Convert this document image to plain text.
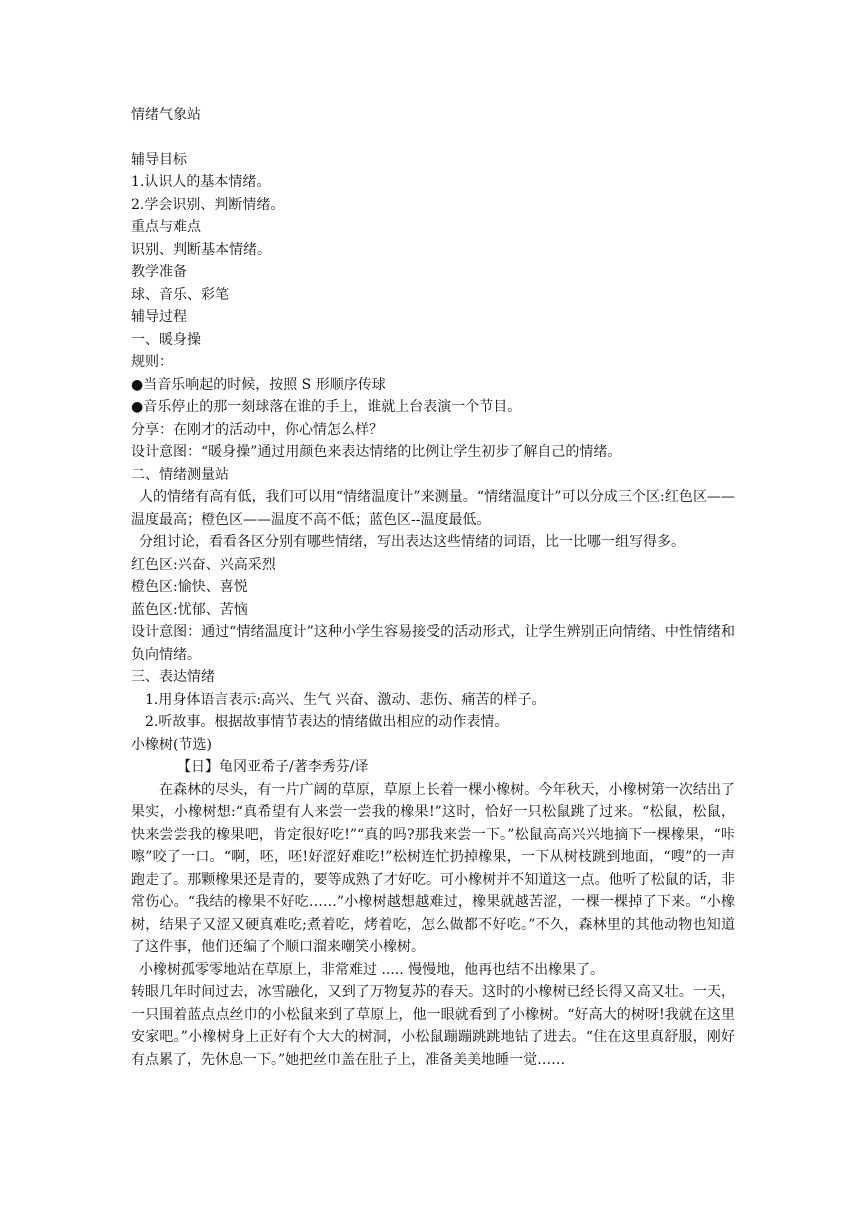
情绪气象站
辅导目标
1.认识人的基本情绪。
2.学会识别、判断情绪。
重点与难点
识别、判断基本情绪。
教学准备
球、音乐、彩笔
辅导过程
一、暖身操
规则：
●当音乐响起的时候，按照 S 形顺序传球
●音乐停止的那一刻球落在谁的手上，谁就上台表演一个节目。
分享：在刚才的活动中，你心情怎么样？
设计意图：“暖身操”通过用颜色来表达情绪的比例让学生初步了解自己的情绪。
二、情绪测量站
人的情绪有高有低，我们可以用“情绪温度计”来测量。“情绪温度计”可以分成三个区:红色区——温度最高；橙色区——温度不高不低；蓝色区--温度最低。
分组讨论，看看各区分别有哪些情绪，写出表达这些情绪的词语，比一比哪一组写得多。
红色区:兴奋、兴高采烈
橙色区:愉快、喜悦
蓝色区:忧郁、苦恼
设计意图：通过“情绪温度计”这种小学生容易接受的活动形式，让学生辨别正向情绪、中性情绪和负向情绪。
三、表达情绪
1.用身体语言表示:高兴、生气 兴奋、激动、悲伤、痛苦的样子。
2.听故事。根据故事情节表达的情绪做出相应的动作表情。
小橡树(节选)
【日】龟冈亚希子/著李秀芬/译
在森林的尽头，有一片广阔的草原，草原上长着一棵小橡树。今年秋天，小橡树第一次结出了果实，小橡树想:“真希望有人来尝一尝我的橡果!”这时，恰好一只松鼠跳了过来。“松鼠，松鼠，快来尝尝我的橡果吧，肯定很好吃!”“真的吗?那我来尝一下。”松鼠高高兴兴地摘下一棵橡果，“咔嚓”咬了一口。“啊，呸，呸!好涩好难吃!”松树连忙扔掉橡果，一下从树枝跳到地面，“嗖”的一声跑走了。那颗橡果还是青的，要等成熟了才好吃。可小橡树并不知道这一点。他听了松鼠的话，非常伤心。“我结的橡果不好吃……”小橡树越想越难过，橡果就越苦涩，一棵一棵掉了下来。“小橡树，结果子又涩又硬真难吃;煮着吃，烤着吃，怎么做都不好吃。”不久，森林里的其他动物也知道了这件事，他们还编了个顺口溜来嘲笑小橡树。
小橡树孤零零地站在草原上，非常难过 ..... 慢慢地，他再也结不出橡果了。
转眼几年时间过去，冰雪融化，又到了万物复苏的春天。这时的小橡树已经长得又高又壮。一天，一只围着蓝点点丝巾的小松鼠来到了草原上，他一眼就看到了小橡树。“好高大的树呀!我就在这里安家吧。”小橡树身上正好有个大大的树洞，小松鼠蹦蹦跳跳地钻了进去。“住在这里真舒服，刚好有点累了，先休息一下。”她把丝巾盖在肚子上，准备美美地睡一觉……
